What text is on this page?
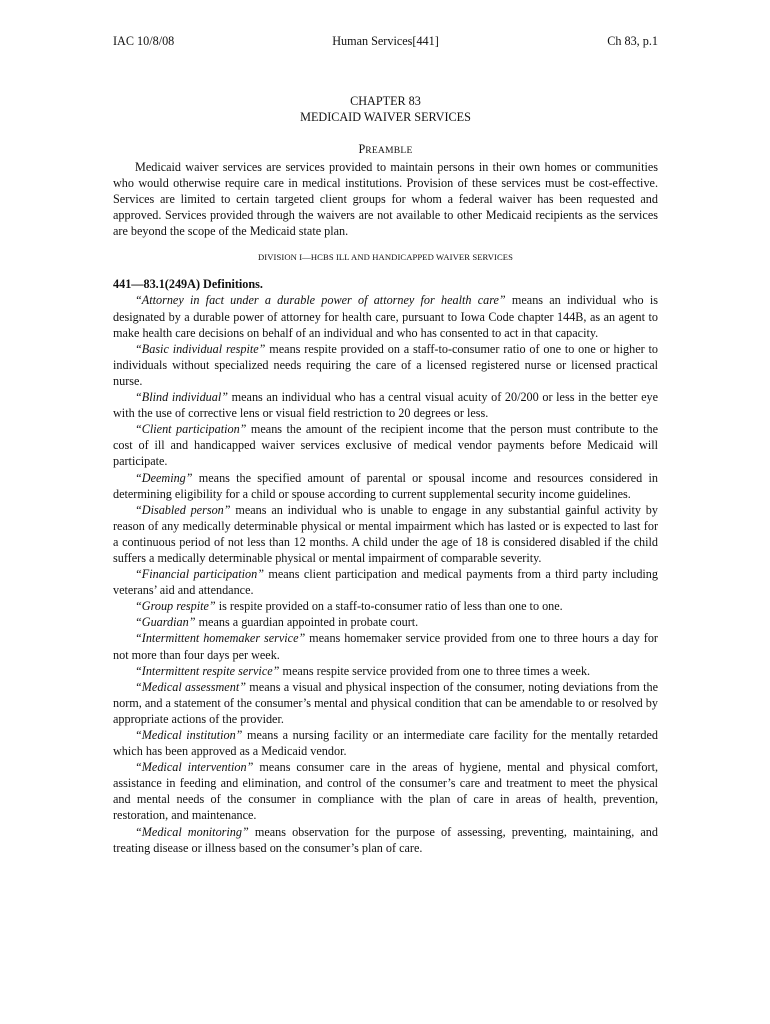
IAC 10/8/08	Human Services[441]	Ch 83, p.1
CHAPTER 83
MEDICAID WAIVER SERVICES
PREAMBLE

Medicaid waiver services are services provided to maintain persons in their own homes or communities who would otherwise require care in medical institutions. Provision of these services must be cost-effective. Services are limited to certain targeted client groups for whom a federal waiver has been requested and approved. Services provided through the waivers are not available to other Medicaid recipients as the services are beyond the scope of the Medicaid state plan.

DIVISION I—HCBS ILL AND HANDICAPPED WAIVER SERVICES

441—83.1(249A) Definitions.

“Attorney in fact under a durable power of attorney for health care” means an individual who is designated by a durable power of attorney for health care, pursuant to Iowa Code chapter 144B, as an agent to make health care decisions on behalf of an individual and who has consented to act in that capacity.

“Basic individual respite” means respite provided on a staff-to-consumer ratio of one to one or higher to individuals without specialized needs requiring the care of a licensed registered nurse or licensed practical nurse.

“Blind individual” means an individual who has a central visual acuity of 20/200 or less in the better eye with the use of corrective lens or visual field restriction to 20 degrees or less.

“Client participation” means the amount of the recipient income that the person must contribute to the cost of ill and handicapped waiver services exclusive of medical vendor payments before Medicaid will participate.

“Deeming” means the specified amount of parental or spousal income and resources considered in determining eligibility for a child or spouse according to current supplemental security income guidelines.

“Disabled person” means an individual who is unable to engage in any substantial gainful activity by reason of any medically determinable physical or mental impairment which has lasted or is expected to last for a continuous period of not less than 12 months. A child under the age of 18 is considered disabled if the child suffers a medically determinable physical or mental impairment of comparable severity.

“Financial participation” means client participation and medical payments from a third party including veterans’ aid and attendance.

“Group respite” is respite provided on a staff-to-consumer ratio of less than one to one.

“Guardian” means a guardian appointed in probate court.

“Intermittent homemaker service” means homemaker service provided from one to three hours a day for not more than four days per week.

“Intermittent respite service” means respite service provided from one to three times a week.

“Medical assessment” means a visual and physical inspection of the consumer, noting deviations from the norm, and a statement of the consumer’s mental and physical condition that can be amendable to or resolved by appropriate actions of the provider.

“Medical institution” means a nursing facility or an intermediate care facility for the mentally retarded which has been approved as a Medicaid vendor.

“Medical intervention” means consumer care in the areas of hygiene, mental and physical comfort, assistance in feeding and elimination, and control of the consumer’s care and treatment to meet the physical and mental needs of the consumer in compliance with the plan of care in areas of health, prevention, restoration, and maintenance.

“Medical monitoring” means observation for the purpose of assessing, preventing, maintaining, and treating disease or illness based on the consumer’s plan of care.
